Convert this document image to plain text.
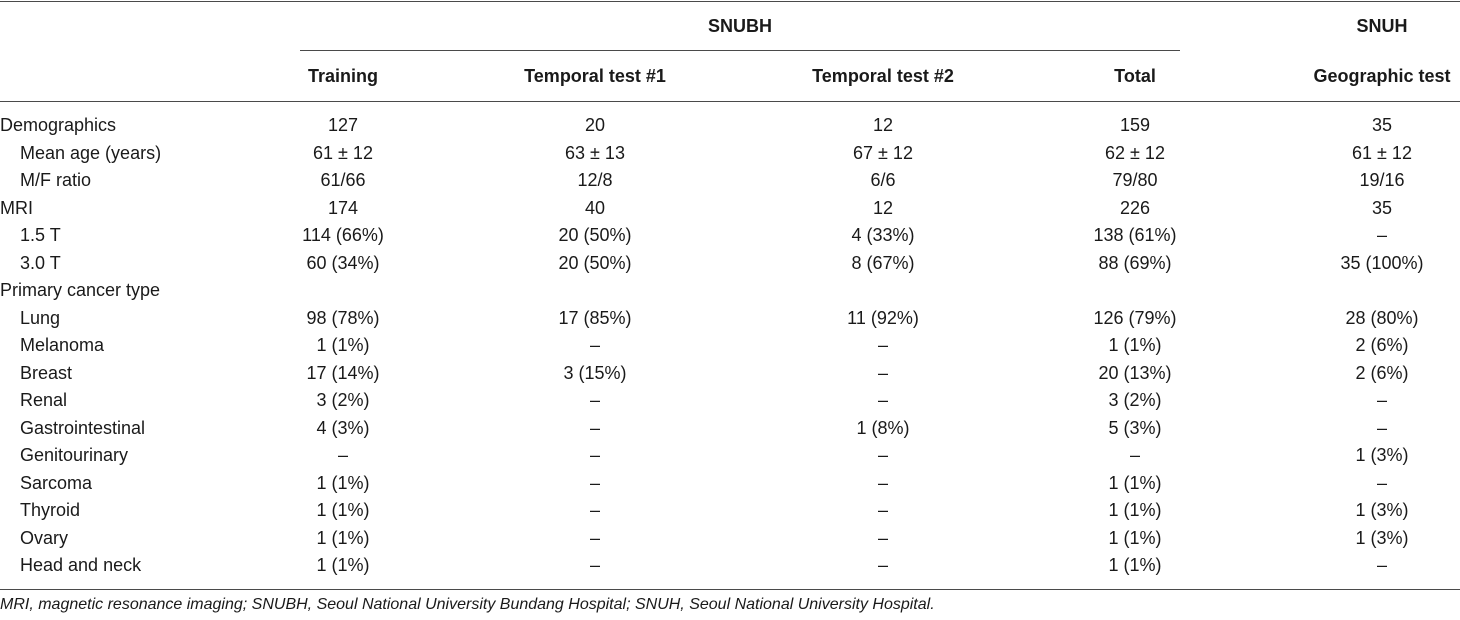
SNUBH	SNUH
Training	Temporal test #1	Temporal test #2	Total	Geographic test
Demographics	127	20	12	159	35
Mean age (years)	61 ± 12	63 ± 13	67 ± 12	62 ± 12	61 ± 12
M/F ratio	61/66	12/8	6/6	79/80	19/16
MRI	174	40	12	226	35
1.5 T	114 (66%)	20 (50%)	4 (33%)	138 (61%)	–
3.0 T	60 (34%)	20 (50%)	8 (67%)	88 (69%)	35 (100%)
Primary cancer type
Lung	98 (78%)	17 (85%)	11 (92%)	126 (79%)	28 (80%)
Melanoma	1 (1%)	–	–	1 (1%)	2 (6%)
Breast	17 (14%)	3 (15%)	–	20 (13%)	2 (6%)
Renal	3 (2%)	–	–	3 (2%)	–
Gastrointestinal	4 (3%)	–	1 (8%)	5 (3%)	–
Genitourinary	–	–	–	–	1 (3%)
Sarcoma	1 (1%)	–	–	1 (1%)	–
Thyroid	1 (1%)	–	–	1 (1%)	1 (3%)
Ovary	1 (1%)	–	–	1 (1%)	1 (3%)
Head and neck	1 (1%)	–	–	1 (1%)	–
MRI, magnetic resonance imaging; SNUBH, Seoul National University Bundang Hospital; SNUH, Seoul National University Hospital.
